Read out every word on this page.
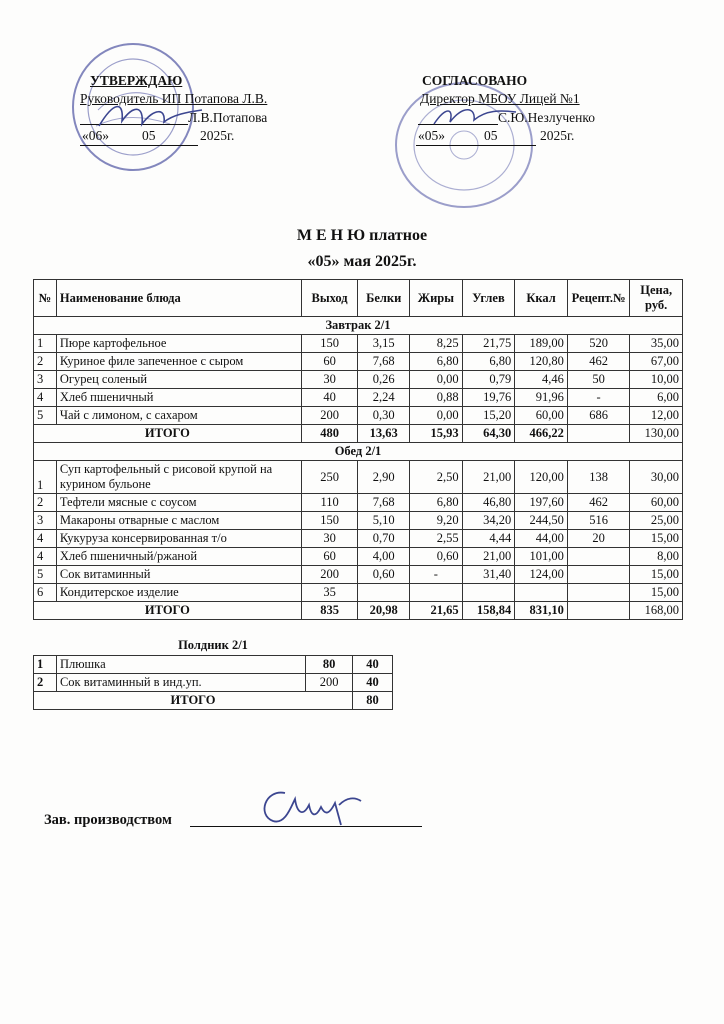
УТВЕРЖДАЮ
Руководитель ИП Потапова Л.В.
Л.В.Потапова
«06» 05	2025г.
СОГЛАСОВАНО
Директор МБОУ Лицей №1
С.Ю.Незлученко
«05»	05	2025г.
М Е Н Ю платное
«05» мая 2025г.
№	Наименование блюда	Выход	Белки	Жиры	Углев	Ккал	Рецепт.№	Цена, руб.
Завтрак 2/1								
1	Пюре картофельное	150	3,15	8,25	21,75	189,00	520	35,00
2	Куриное филе запеченное с сыром	60	7,68	6,80	6,80	120,80	462	67,00
3	Огурец соленый	30	0,26	0,00	0,79	4,46	50	10,00
4	Хлеб пшеничный	40	2,24	0,88	19,76	91,96	-	6,00
5	Чай с лимоном, с сахаром	200	0,30	0,00	15,20	60,00	686	12,00
ИТОГО		480	13,63	15,93	64,30	466,22		130,00
Обед 2/1								
1	Суп картофельный с рисовой крупой на курином бульоне	250	2,90	2,50	21,00	120,00	138	30,00
2	Тефтели мясные с соусом	110	7,68	6,80	46,80	197,60	462	60,00
3	Макароны отварные с маслом	150	5,10	9,20	34,20	244,50	516	25,00
4	Кукуруза консервированная т/о	30	0,70	2,55	4,44	44,00	20	15,00
4	Хлеб пшеничный/ржаной	60	4,00	0,60	21,00	101,00		8,00
5	Сок витаминный	200	0,60	-	31,40	124,00		15,00
6	Кондитерское изделие	35						15,00
ИТОГО		835	20,98	21,65	158,84	831,10		168,00
Полдник 2/1
1	Плюшка	80	40
2	Сок витаминный в инд.уп.	200	40
ИТОГО			80
Зав. производством
